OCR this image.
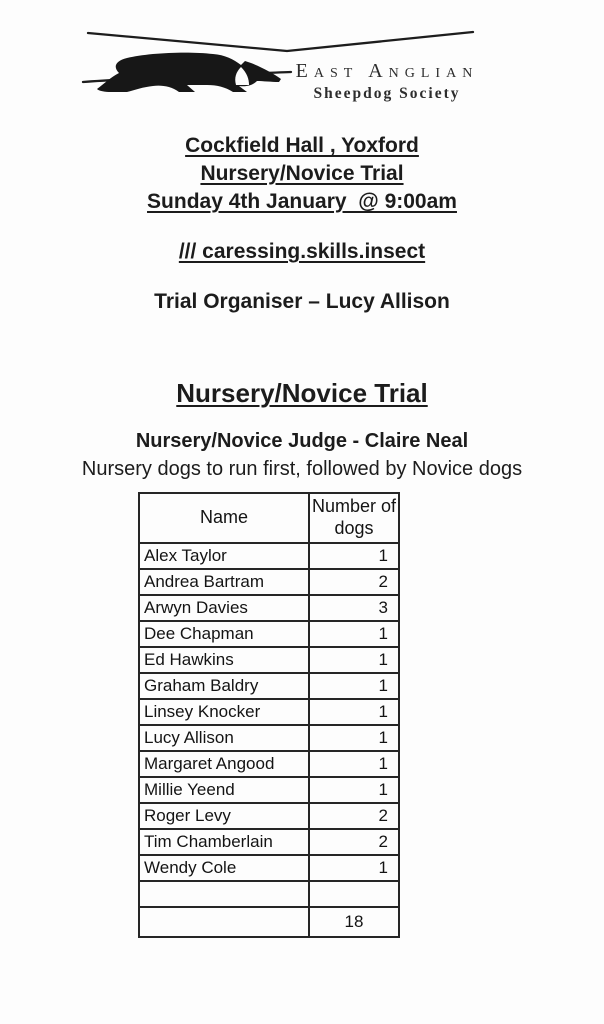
East Anglian
Sheepdog Society
Cockfield Hall , Yoxford
Nursery/Novice Trial
Sunday 4th January  @ 9:00am
/// caressing.skills.insect
Trial Organiser – Lucy Allison
Nursery/Novice Trial
Nursery/Novice Judge - Claire Neal
Nursery dogs to run first, followed by Novice dogs
Name	Number of dogs
Alex Taylor	1
Andrea Bartram	2
Arwyn Davies	3
Dee Chapman	1
Ed Hawkins	1
Graham Baldry	1
Linsey Knocker	1
Lucy Allison	1
Margaret Angood	1
Millie Yeend	1
Roger Levy	2
Tim Chamberlain	2
Wendy Cole	1

	18
